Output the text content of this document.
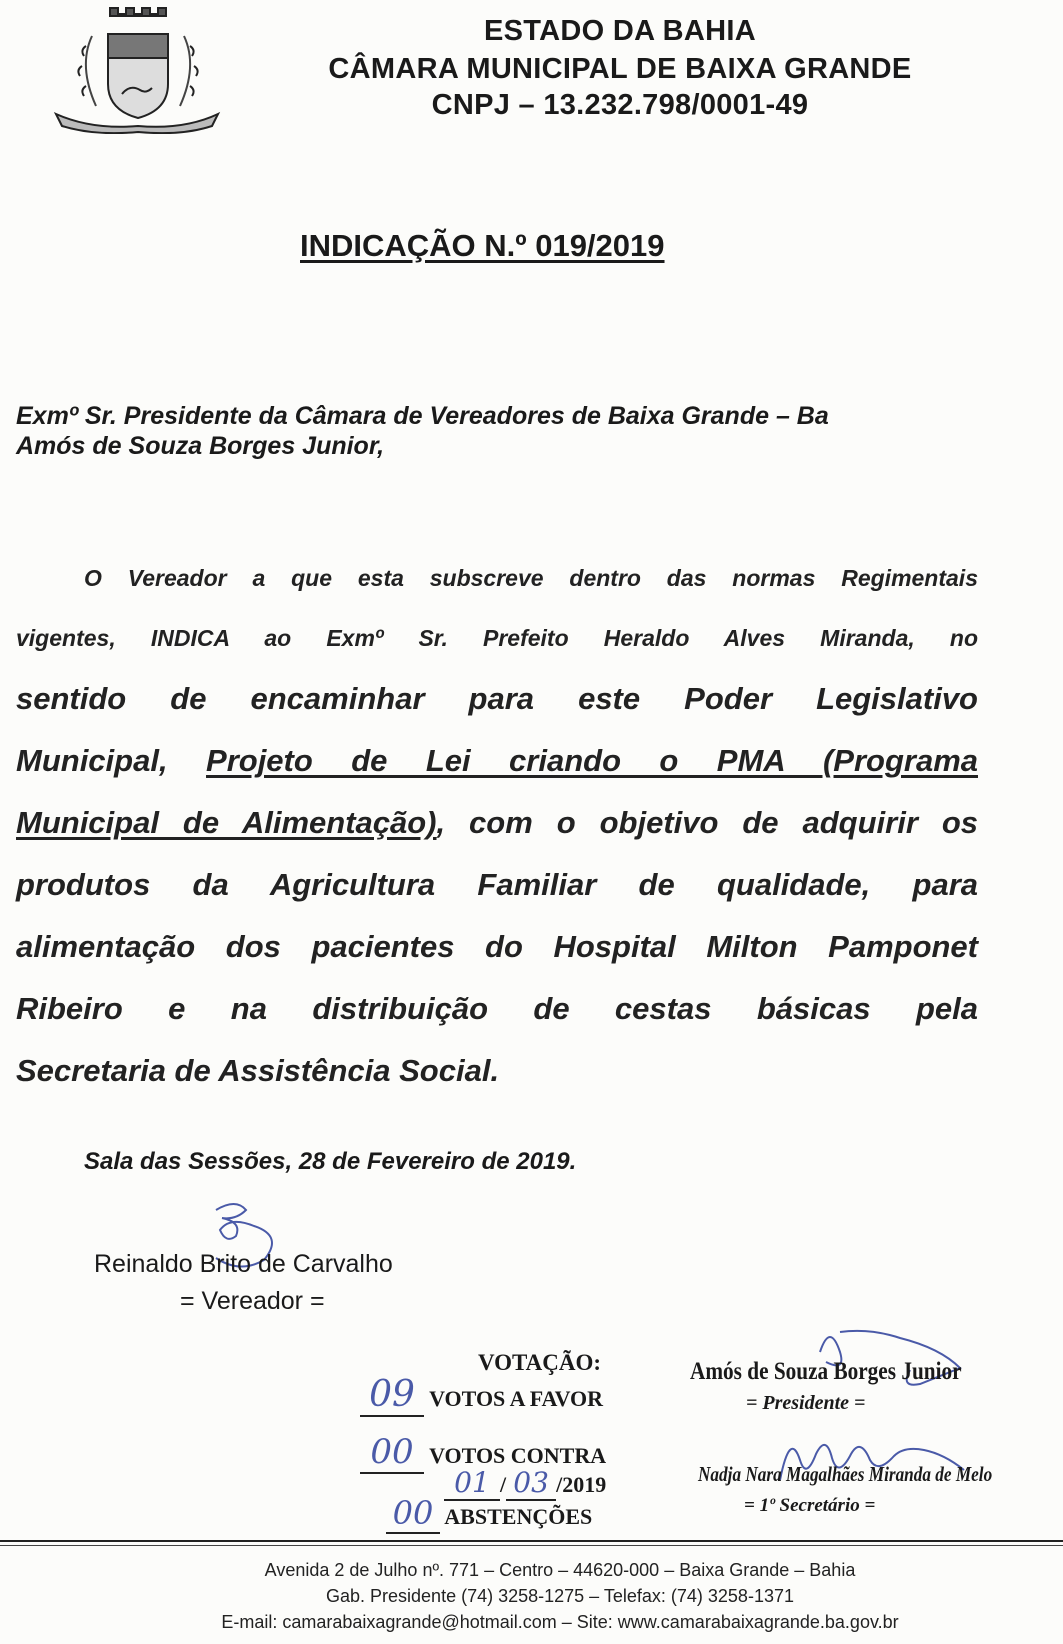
ESTADO DA BAHIA
CÂMARA MUNICIPAL DE BAIXA GRANDE
CNPJ – 13.232.798/0001-49
INDICAÇÃO N.º 019/2019
Exmº Sr. Presidente da Câmara de Vereadores de Baixa Grande – Ba
Amós de Souza Borges Junior,
O Vereador a que esta subscreve dentro das normas Regimentais
vigentes, INDICA ao Exmº Sr. Prefeito Heraldo Alves Miranda, no
sentido de encaminhar para este Poder Legislativo
Municipal, Projeto de Lei criando o PMA (Programa
Municipal de Alimentação), com o objetivo de adquirir os
produtos da Agricultura Familiar de qualidade, para
alimentação dos pacientes do Hospital Milton Pamponet
Ribeiro e na distribuição de cestas básicas pela
Secretaria de Assistência Social.
Sala das Sessões, 28 de Fevereiro de 2019.
Reinaldo Brito de Carvalho
= Vereador =
VOTAÇÃO:
09 VOTOS A FAVOR
00 VOTOS CONTRA
01 / 03 /2019
00 ABSTENÇÕES
Amós de Souza Borges Junior
= Presidente =
Nadja Nara Magalhães Miranda de Melo
= 1º Secretário =
Avenida 2 de Julho nº. 771 – Centro – 44620-000 – Baixa Grande – Bahia
Gab. Presidente (74) 3258-1275 – Telefax: (74) 3258-1371
E-mail: camarabaixagrande@hotmail.com – Site: www.camarabaixagrande.ba.gov.br
